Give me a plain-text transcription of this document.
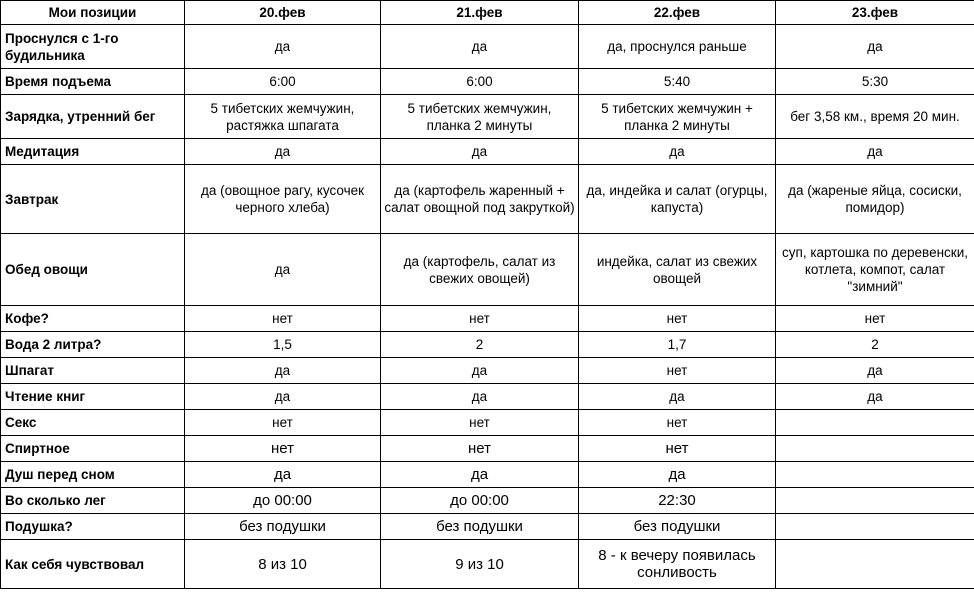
Мои позиции	20.фев	21.фев	22.фев	23.фев
Проснулся с 1-го будильника	да	да	да, проснулся раньше	да
Время подъема	6:00	6:00	5:40	5:30
Зарядка, утренний бег	5 тибетских жемчужин, растяжка шпагата	5 тибетских жемчужин, планка 2 минуты	5 тибетских жемчужин + планка 2 минуты	бег 3,58 км., время 20 мин.
Медитация	да	да	да	да
Завтрак	да (овощное рагу, кусочек черного хлеба)	да (картофель жаренный + салат овощной под закруткой)	да, индейка и салат (огурцы, капуста)	да (жареные яйца, сосиски, помидор)
Обед овощи	да	да (картофель, салат из свежих овощей)	индейка, салат из свежих овощей	суп, картошка по деревенски, котлета, компот, салат "зимний"
Кофе?	нет	нет	нет	нет
Вода 2 литра?	1,5	2	1,7	2
Шпагат	да	да	нет	да
Чтение книг	да	да	да	да
Секс	нет	нет	нет	
Спиртное	нет	нет	нет	
Душ перед сном	да	да	да	
Во сколько лег	до 00:00	до 00:00	22:30	
Подушка?	без подушки	без подушки	без подушки	
Как себя чувствовал	8 из 10	9 из 10	8 - к вечеру появилась сонливость	
